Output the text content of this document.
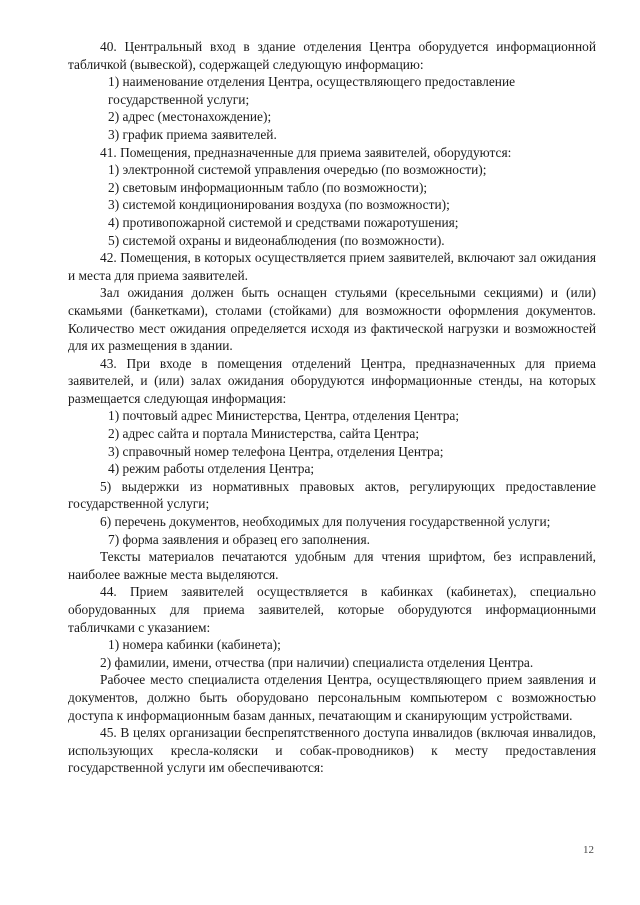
40. Центральный вход в здание отделения Центра оборудуется информационной табличкой (вывеской), содержащей следующую информацию:

1) наименование отделения Центра, осуществляющего предоставление государственной услуги;

2) адрес (местонахождение);

3) график приема заявителей.

41. Помещения, предназначенные для приема заявителей, оборудуются:

1) электронной системой управления очередью (по возможности);

2) световым информационным табло (по возможности);

3) системой кондиционирования воздуха (по возможности);

4) противопожарной системой и средствами пожаротушения;

5) системой охраны и видеонаблюдения (по возможности).

42. Помещения, в которых осуществляется прием заявителей, включают зал ожидания и места для приема заявителей.

Зал ожидания должен быть оснащен стульями (кресельными секциями) и (или) скамьями (банкетками), столами (стойками) для возможности оформления документов. Количество мест ожидания определяется исходя из фактической нагрузки и возможностей для их размещения в здании.

43. При входе в помещения отделений Центра, предназначенных для приема заявителей, и (или) залах ожидания оборудуются информационные стенды, на которых размещается следующая информация:

1) почтовый адрес Министерства, Центра, отделения Центра;

2) адрес сайта и портала Министерства, сайта Центра;

3) справочный номер телефона Центра, отделения Центра;

4) режим работы отделения Центра;

5) выдержки из нормативных правовых актов, регулирующих предоставление государственной услуги;

6) перечень документов, необходимых для получения государственной услуги;

7) форма заявления и образец его заполнения.

Тексты материалов печатаются удобным для чтения шрифтом, без исправлений, наиболее важные места выделяются.

44. Прием заявителей осуществляется в кабинках (кабинетах), специально оборудованных для приема заявителей, которые оборудуются информационными табличками с указанием:

1) номера кабинки (кабинета);

2) фамилии, имени, отчества (при наличии) специалиста отделения Центра.

Рабочее место специалиста отделения Центра, осуществляющего прием заявления и документов, должно быть оборудовано персональным компьютером с возможностью доступа к информационным базам данных, печатающим и сканирующим устройствами.

45. В целях организации беспрепятственного доступа инвалидов (включая инвалидов, использующих кресла-коляски и собак-проводников) к месту предоставления государственной услуги им обеспечиваются:

12
